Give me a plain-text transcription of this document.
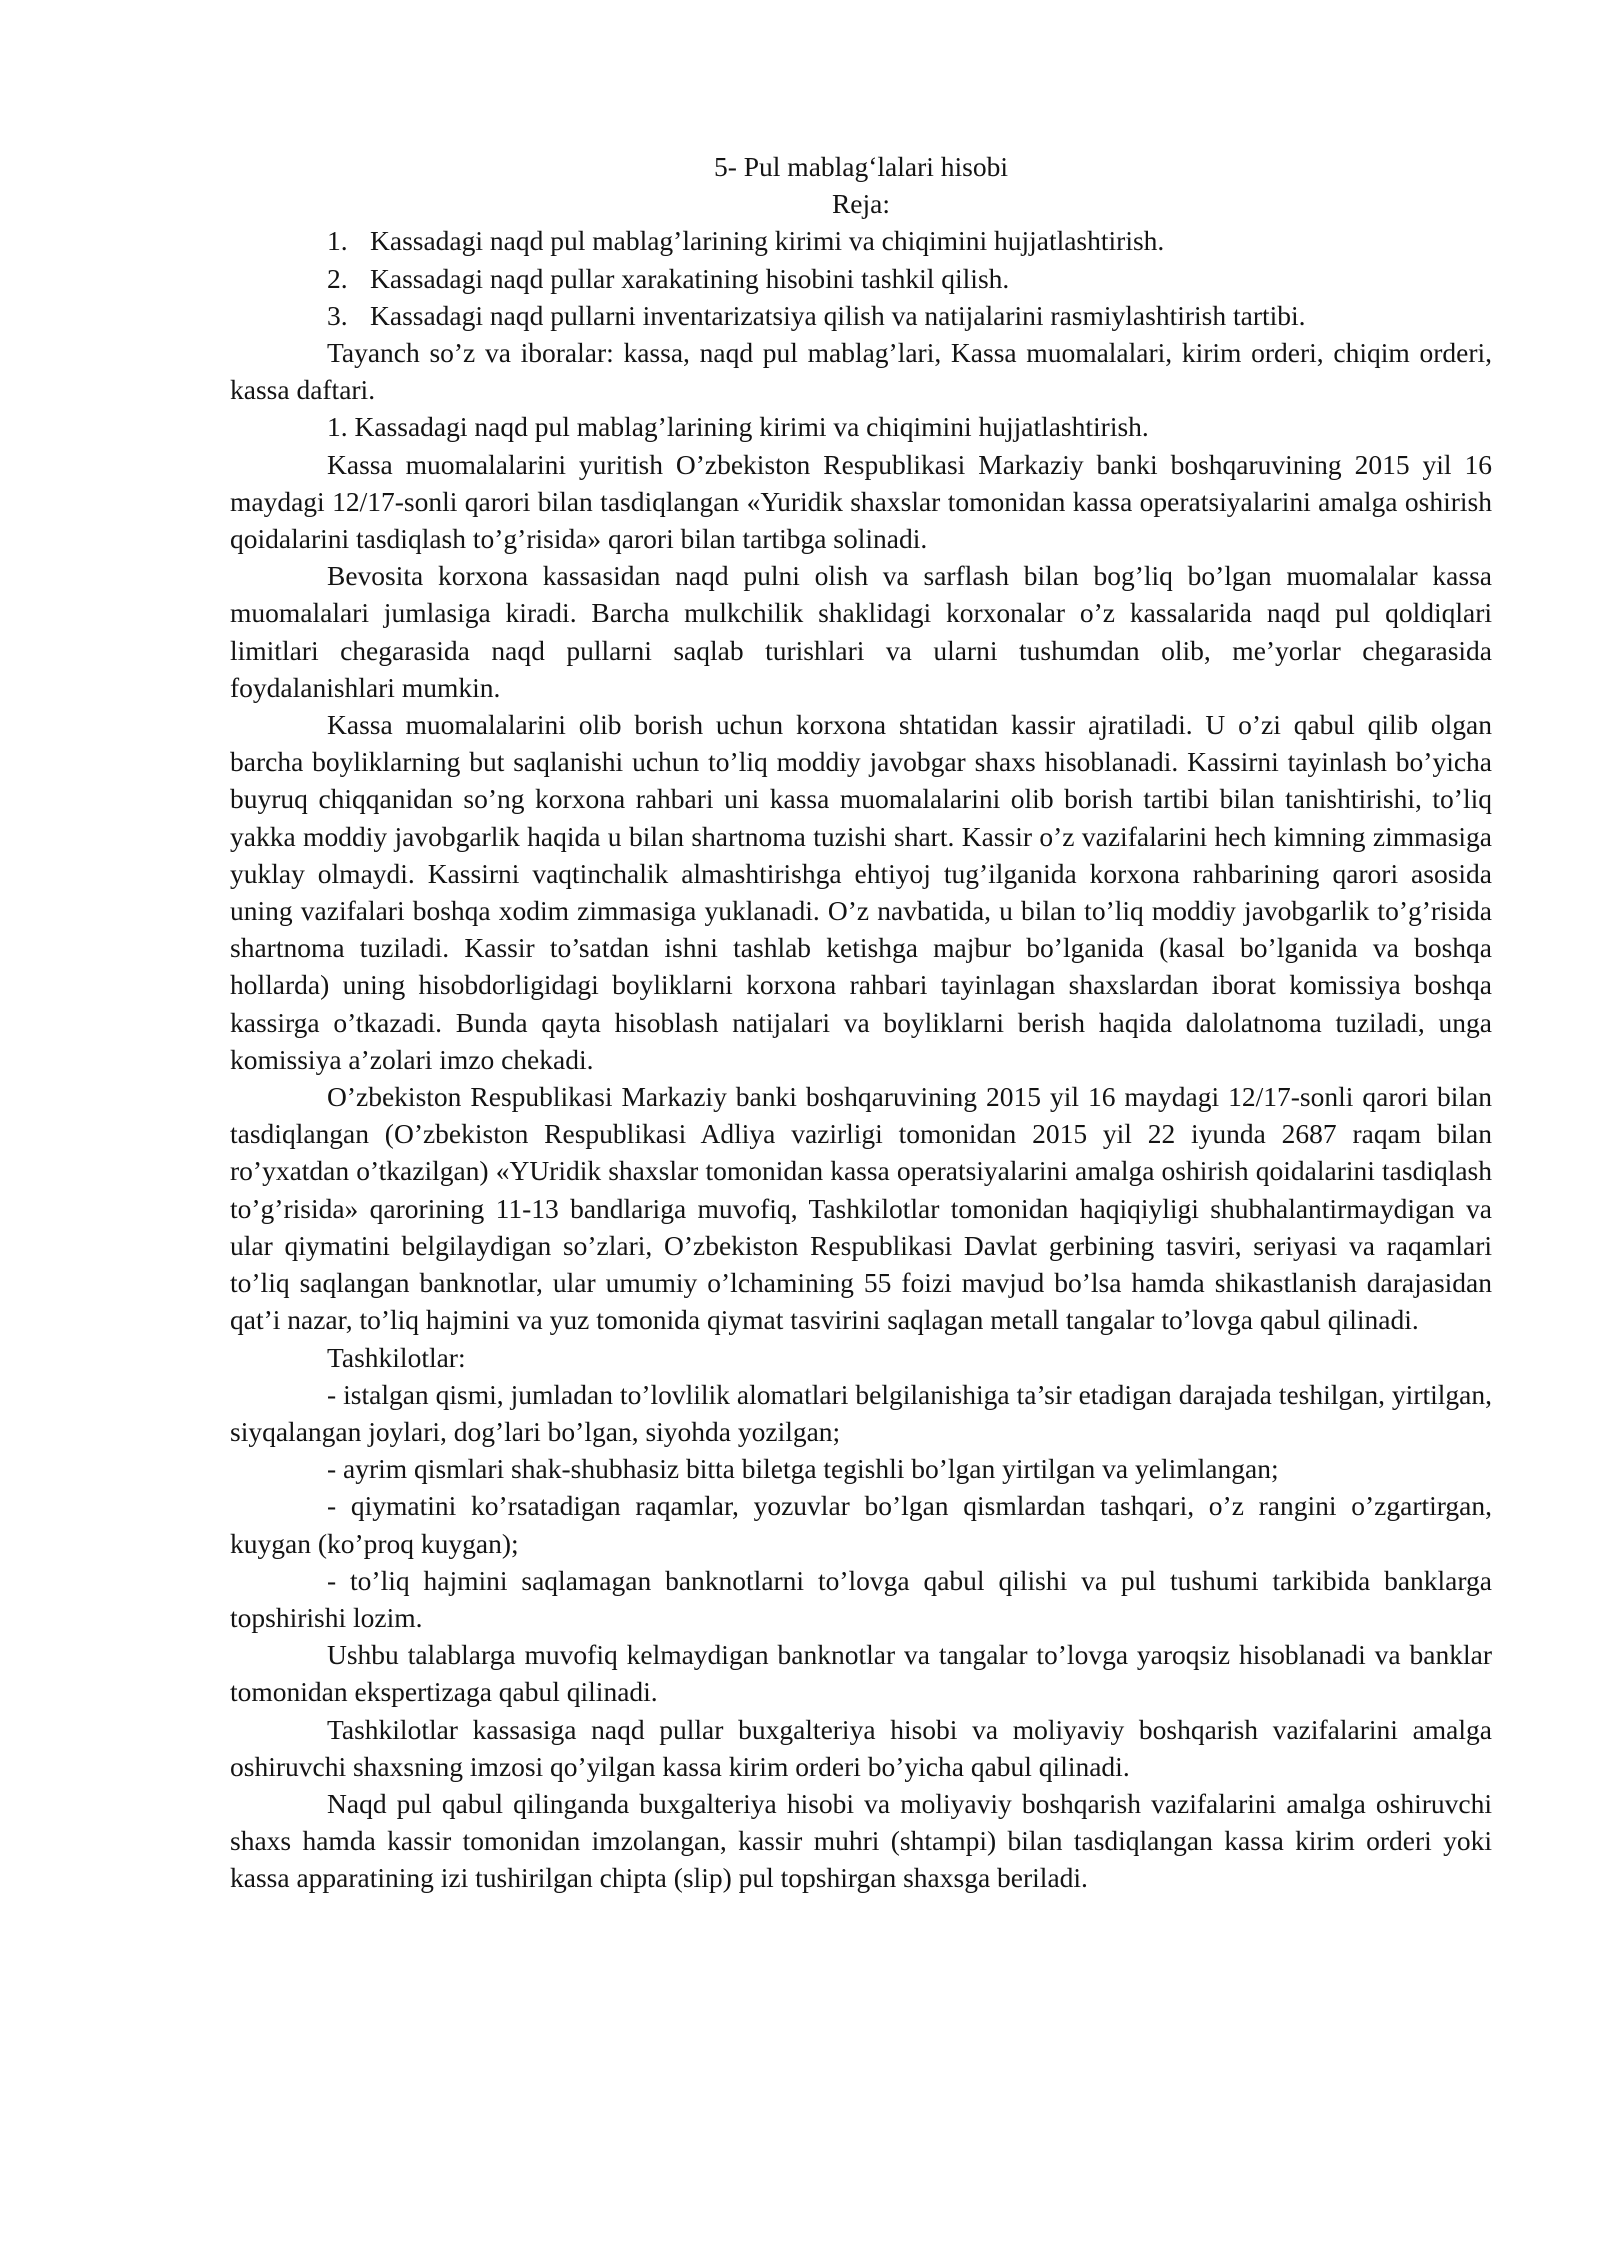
5- Pul mablag‘lalari hisobi
Reja:
1. Kassadagi naqd pul mablag’larining kirimi va chiqimini hujjatlashtirish.
2. Kassadagi naqd pullar xarakatining hisobini tashkil qilish.
3. Kassadagi naqd pullarni inventarizatsiya qilish va natijalarini rasmiylashtirish tartibi.

Tayanch so’z va iboralar: kassa, naqd pul mablag’lari, Kassa muomalalari, kirim orderi, chiqim orderi, kassa daftari.

1. Kassadagi naqd pul mablag’larining kirimi va chiqimini hujjatlashtirish.

Kassa muomalalarini yuritish O’zbekiston Respublikasi Markaziy banki boshqaruvining 2015 yil 16 maydagi 12/17-sonli qarori bilan tasdiqlangan «Yuridik shaxslar tomonidan kassa operatsiyalarini amalga oshirish qoidalarini tasdiqlash to’g’risida» qarori bilan tartibga solinadi.

Bevosita korxona kassasidan naqd pulni olish va sarflash bilan bog’liq bo’lgan muomalalar kassa muomalalari jumlasiga kiradi. Barcha mulkchilik shaklidagi korxonalar o’z kassalarida naqd pul qoldiqlari limitlari chegarasida naqd pullarni saqlab turishlari va ularni tushumdan olib, me’yorlar chegarasida foydalanishlari mumkin.

Kassa muomalalarini olib borish uchun korxona shtatidan kassir ajratiladi. U o’zi qabul qilib olgan barcha boyliklarning but saqlanishi uchun to’liq moddiy javobgar shaxs hisoblanadi. Kassirni tayinlash bo’yicha buyruq chiqqanidan so’ng korxona rahbari uni kassa muomalalarini olib borish tartibi bilan tanishtirishi, to’liq yakka moddiy javobgarlik haqida u bilan shartnoma tuzishi shart. Kassir o’z vazifalarini hech kimning zimmasiga yuklay olmaydi. Kassirni vaqtinchalik almashtirishga ehtiyoj tug’ilganida korxona rahbarining qarori asosida uning vazifalari boshqa xodim zimmasiga yuklanadi. O’z navbatida, u bilan to’liq moddiy javobgarlik to’g’risida shartnoma tuziladi. Kassir to’satdan ishni tashlab ketishga majbur bo’lganida (kasal bo’lganida va boshqa hollarda) uning hisobdorligidagi boyliklarni korxona rahbari tayinlagan shaxslardan iborat komissiya boshqa kassirga o’tkazadi. Bunda qayta hisoblash natijalari va boyliklarni berish haqida dalolatnoma tuziladi, unga komissiya a’zolari imzo chekadi.

O’zbekiston Respublikasi Markaziy banki boshqaruvining 2015 yil 16 maydagi 12/17-sonli qarori bilan tasdiqlangan (O’zbekiston Respublikasi Adliya vazirligi tomonidan 2015 yil 22 iyunda 2687 raqam bilan ro’yxatdan o’tkazilgan) «YUridik shaxslar tomonidan kassa operatsiyalarini amalga oshirish qoidalarini tasdiqlash to’g’risida» qarorining 11-13 bandlariga muvofiq, Tashkilotlar tomonidan haqiqiyligi shubhalantirmaydigan va ular qiymatini belgilaydigan so’zlari, O’zbekiston Respublikasi Davlat gerbining tasviri, seriyasi va raqamlari to’liq saqlangan banknotlar, ular umumiy o’lchamining 55 foizi mavjud bo’lsa hamda shikastlanish darajasidan qat’i nazar, to’liq hajmini va yuz tomonida qiymat tasvirini saqlagan metall tangalar to’lovga qabul qilinadi.

Tashkilotlar:

- istalgan qismi, jumladan to’lovlilik alomatlari belgilanishiga ta’sir etadigan darajada teshilgan, yirtilgan, siyqalangan joylari, dog’lari bo’lgan, siyohda yozilgan;

- ayrim qismlari shak-shubhasiz bitta biletga tegishli bo’lgan yirtilgan va yelimlangan;

- qiymatini ko’rsatadigan raqamlar, yozuvlar bo’lgan qismlardan tashqari, o’z rangini o’zgartirgan, kuygan (ko’proq kuygan);

- to’liq hajmini saqlamagan banknotlarni to’lovga qabul qilishi va pul tushumi tarkibida banklarga topshirishi lozim.

Ushbu talablarga muvofiq kelmaydigan banknotlar va tangalar to’lovga yaroqsiz hisoblanadi va banklar tomonidan ekspertizaga qabul qilinadi.

Tashkilotlar kassasiga naqd pullar buxgalteriya hisobi va moliyaviy boshqarish vazifalarini amalga oshiruvchi shaxsning imzosi qo’yilgan kassa kirim orderi bo’yicha qabul qilinadi.

Naqd pul qabul qilinganda buxgalteriya hisobi va moliyaviy boshqarish vazifalarini amalga oshiruvchi shaxs hamda kassir tomonidan imzolangan, kassir muhri (shtampi) bilan tasdiqlangan kassa kirim orderi yoki kassa apparatining izi tushirilgan chipta (slip) pul topshirgan shaxsga beriladi.
